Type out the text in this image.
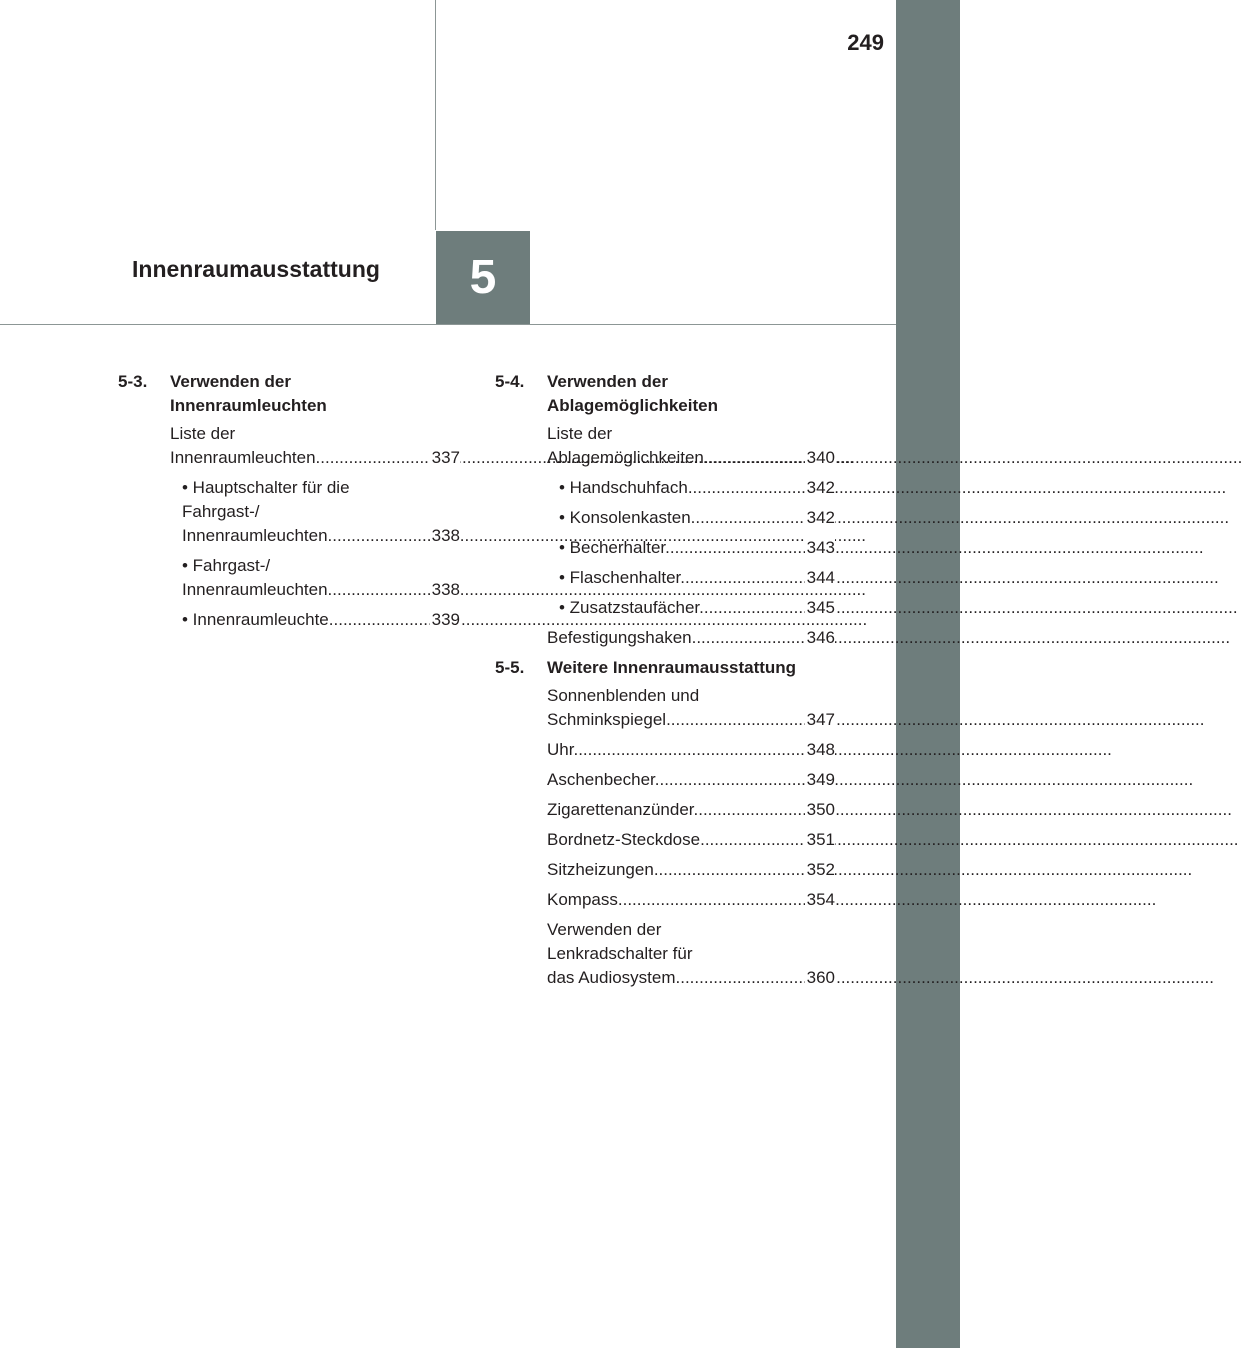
249
5
Innenraumausstattung
5-3. Verwenden der
Innenraumleuchten
Liste der
Innenraumleuchten .....	337
• Hauptschalter für die
Fahrgast-/
Innenraumleuchten .....	338
• Fahrgast-/
Innenraumleuchten .....	338
• Innenraumleuchte .....	339
5-4. Verwenden der
Ablagemöglichkeiten
Liste der
Ablagemöglichkeiten .....	340
• Handschuhfach .....	342
• Konsolenkasten .....	342
• Becherhalter .....	343
• Flaschenhalter .....	344
• Zusatzstaufächer .....	345
Befestigungshaken .....	346
5-5. Weitere Innenraumausstattung
Sonnenblenden und
Schminkspiegel .....	347
Uhr .....	348
Aschenbecher .....	349
Zigarettenanzünder .....	350
Bordnetz-Steckdose .....	351
Sitzheizungen .....	352
Kompass .....	354
Verwenden der
Lenkradschalter für
das Audiosystem .....	360
